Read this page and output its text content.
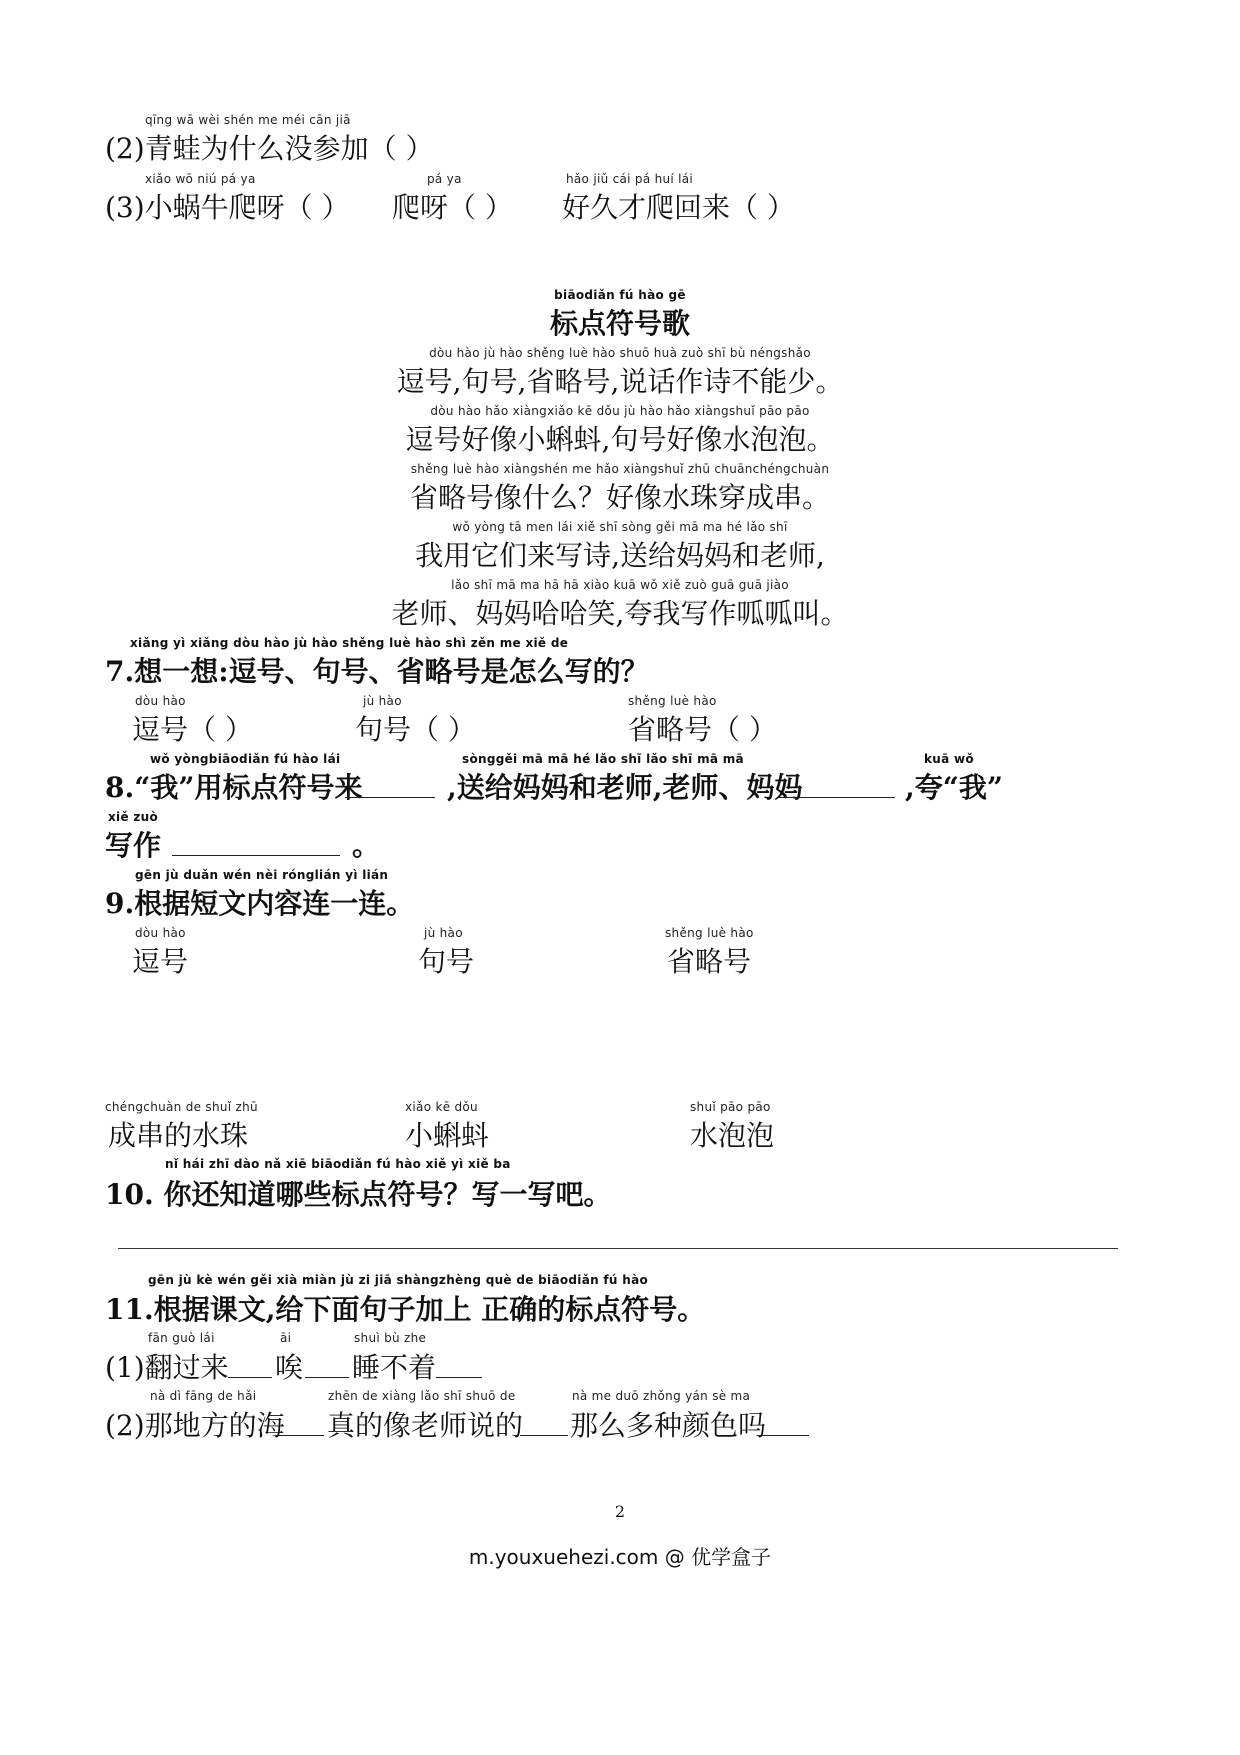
qīng wā wèi shén me méi cān jiā
(2)青蛙为什么没参加（ ）
xiǎo wō niú pá ya
(3)小蜗牛爬呀（ ）
pá ya
爬呀（ ）
hǎo jiǔ cái pá huí lái
好久才爬回来（ ）
biāodiǎn fú hào gē
标点符号歌
dòu hào jù hào shěng luè hào shuō huà zuò shī bù néngshǎo
逗号,句号,省略号,说话作诗不能少。
dòu hào hǎo xiàngxiǎo kē dǒu jù hào hǎo xiàngshuǐ pāo pāo
逗号好像小蝌蚪,句号好像水泡泡。
shěng luè hào xiàngshén me hǎo xiàngshuǐ zhū chuānchéngchuàn
省略号像什么？好像水珠穿成串。
wǒ yòng tā men lái xiě shī sòng gěi mā ma hé lǎo shī
我用它们来写诗,送给妈妈和老师,
lǎo shī mā ma hā hā xiào kuā wǒ xiě zuò guā guā jiào
老师、妈妈哈哈笑,夸我写作呱呱叫。
xiǎng yì xiǎng dòu hào jù hào shěng luè hào shì zěn me xiě de
7.想一想:逗号、句号、省略号是怎么写的？
dòu hào
逗号（ ）
jù hào
句号（ ）
shěng luè hào
省略号（ ）
wǒ yòngbiāodiǎn fú hào lái
8.“我”用标点符号来
sònggěi mā mā hé lǎo shī lǎo shī mā mā
,送给妈妈和老师,老师、妈妈
kuā wǒ
,夸“我”
xiě zuò
写作	。
gēn jù duǎn wén nèi rónglián yì lián
9.根据短文内容连一连。
dòu hào
逗号
jù hào
句号
shěng luè hào
省略号
chéngchuàn de shuǐ zhū
成串的水珠
xiǎo kē dǒu
小蝌蚪
shuǐ pāo pāo
水泡泡
nǐ hái zhī dào nǎ xiē biāodiǎn fú hào xiě yì xiě ba
10. 你还知道哪些标点符号？写一写吧。
gēn jù kè wén gěi xià miàn jù zi jiā shàngzhèng què de biāodiǎn fú hào
11.根据课文,给下面句子加上 正确的标点符号。
fān guò lái
(1)翻过来
āi
唉
shuì bù zhe
睡不着
nà dì fāng de hǎi
(2)那地方的海
zhēn de xiàng lǎo shī shuō de
真的像老师说的
nà me duō zhǒng yán sè ma
那么多种颜色吗
2
m.youxuehezi.com @ 优学盒子
